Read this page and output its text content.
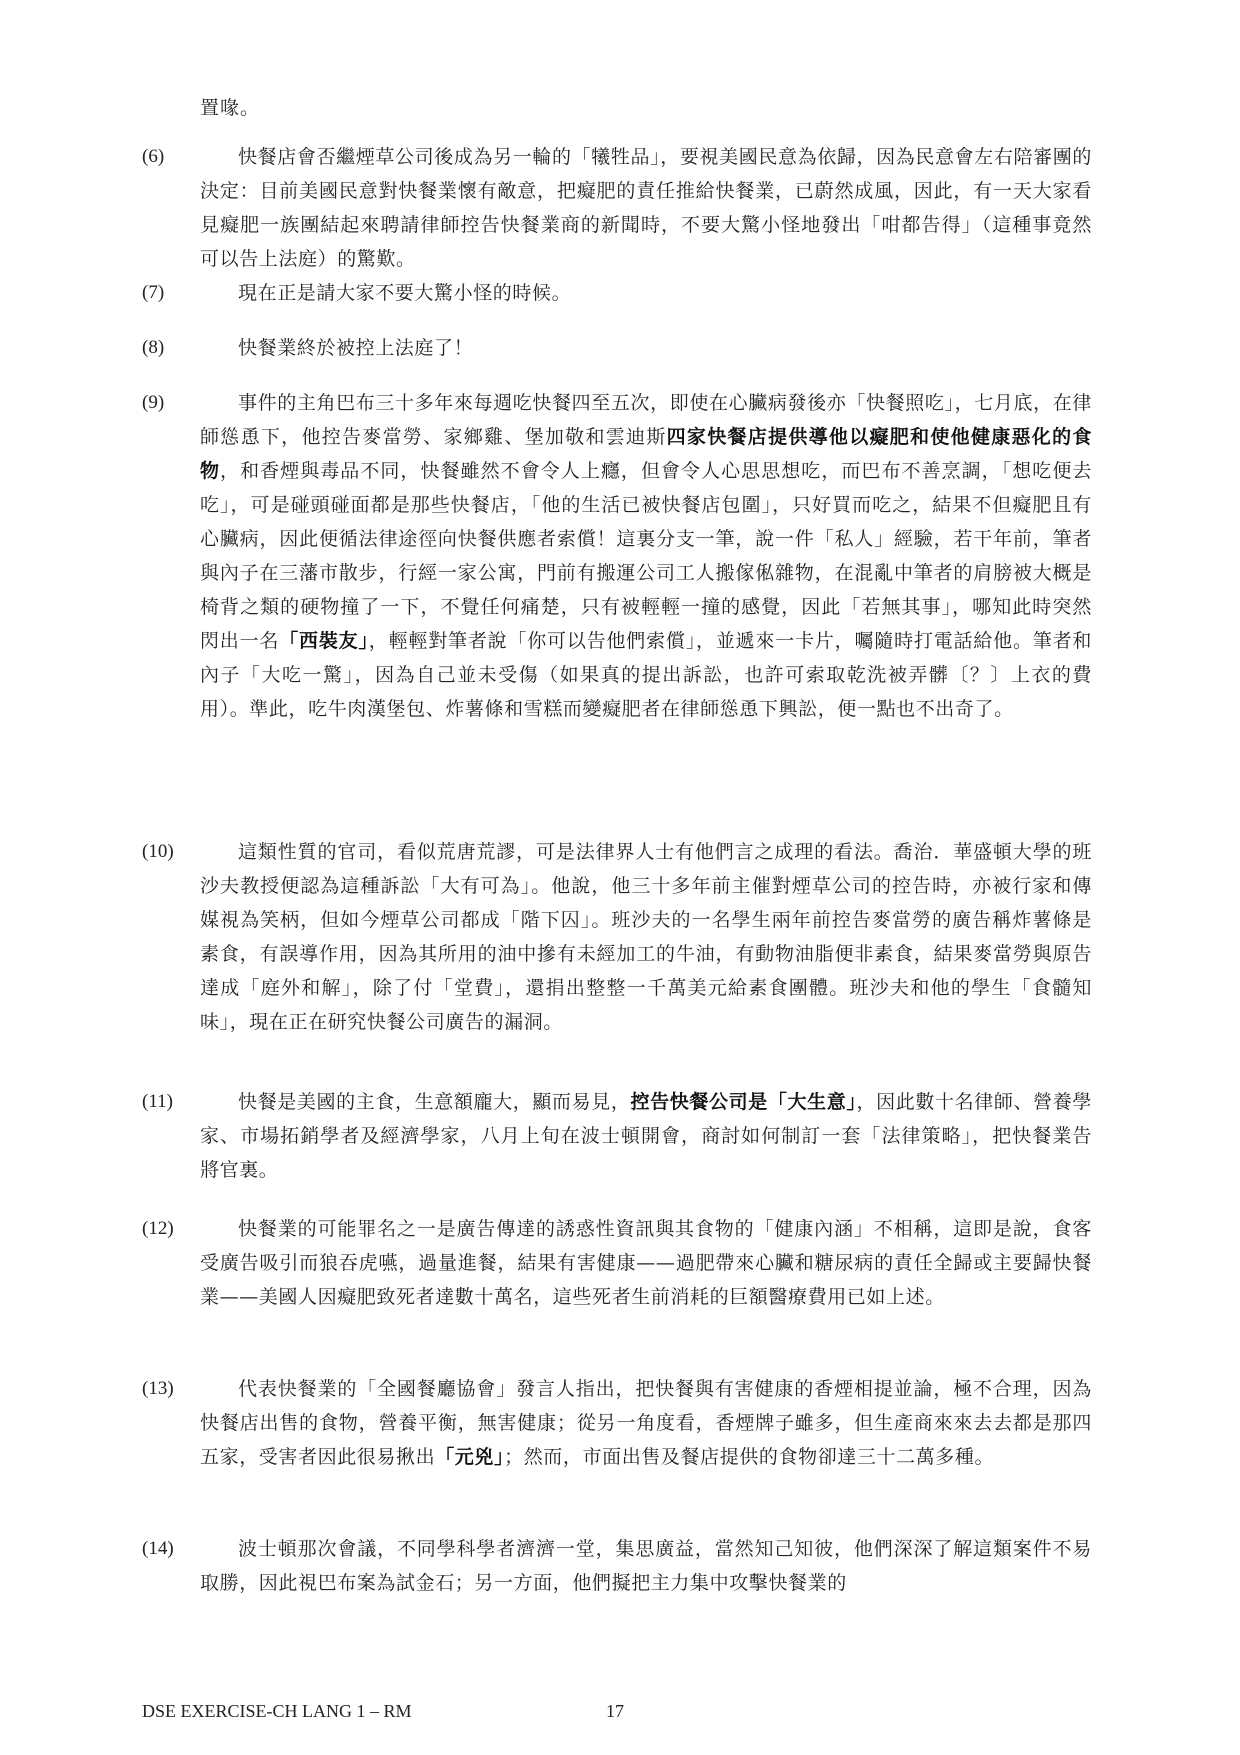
置喙。
(6)	快餐店會否繼煙草公司後成為另一輪的「犧牲品」，要視美國民意為依歸，因為民意會左右陪審團的決定：目前美國民意對快餐業懷有敵意，把癡肥的責任推給快餐業，已蔚然成風，因此，有一天大家看見癡肥一族團結起來聘請律師控告快餐業商的新聞時，不要大驚小怪地發出「咁都告得」（這種事竟然可以告上法庭）的驚歎。
(7)	現在正是請大家不要大驚小怪的時候。
(8)	快餐業終於被控上法庭了！
(9)	事件的主角巴布三十多年來每週吃快餐四至五次，即使在心臟病發後亦「快餐照吃」，七月底，在律師慫恿下，他控告麥當勞、家鄉雞、堡加敬和雲迪斯四家快餐店提供導他以癡肥和使他健康惡化的食物，和香煙與毒品不同，快餐雖然不會令人上癮，但會令人心思思想吃，而巴布不善烹調，「想吃便去吃」，可是碰頭碰面都是那些快餐店，「他的生活已被快餐店包圍」，只好買而吃之，結果不但癡肥且有心臟病，因此便循法律途徑向快餐供應者索償！這裏分支一筆，說一件「私人」經驗，若干年前，筆者與內子在三藩市散步，行經一家公寓，門前有搬運公司工人搬傢俬雜物，在混亂中筆者的肩膀被大概是椅背之類的硬物撞了一下，不覺任何痛楚，只有被輕輕一撞的感覺，因此「若無其事」，哪知此時突然閃出一名「西裝友」，輕輕對筆者說「你可以告他們索償」，並遞來一卡片，囑隨時打電話給他。筆者和內子「大吃一驚」，因為自己並未受傷（如果真的提出訴訟，也許可索取乾洗被弄髒〔？〕上衣的費用）。準此，吃牛肉漢堡包、炸薯條和雪糕而變癡肥者在律師慫恿下興訟，便一點也不出奇了。
(10)	這類性質的官司，看似荒唐荒謬，可是法律界人士有他們言之成理的看法。喬治．華盛頓大學的班沙夫教授便認為這種訴訟「大有可為」。他說，他三十多年前主催對煙草公司的控告時，亦被行家和傳媒視為笑柄，但如今煙草公司都成「階下囚」。班沙夫的一名學生兩年前控告麥當勞的廣告稱炸薯條是素食，有誤導作用，因為其所用的油中摻有未經加工的牛油，有動物油脂便非素食，結果麥當勞與原告達成「庭外和解」，除了付「堂費」，還捐出整整一千萬美元給素食團體。班沙夫和他的學生「食髓知味」，現在正在研究快餐公司廣告的漏洞。
(11)	快餐是美國的主食，生意額龐大，顯而易見，控告快餐公司是「大生意」，因此數十名律師、營養學家、市場拓銷學者及經濟學家，八月上旬在波士頓開會，商討如何制訂一套「法律策略」，把快餐業告將官裏。
(12)	快餐業的可能罪名之一是廣告傳達的誘惑性資訊與其食物的「健康內涵」不相稱，這即是說，食客受廣告吸引而狼吞虎嚥，過量進餐，結果有害健康——過肥帶來心臟和糖尿病的責任全歸或主要歸快餐業——美國人因癡肥致死者達數十萬名，這些死者生前消耗的巨額醫療費用已如上述。
(13)	代表快餐業的「全國餐廳協會」發言人指出，把快餐與有害健康的香煙相提並論，極不合理，因為快餐店出售的食物，營養平衡，無害健康；從另一角度看，香煙牌子雖多，但生產商來來去去都是那四五家，受害者因此很易揪出「元兇」；然而，市面出售及餐店提供的食物卻達三十二萬多種。
(14)	波士頓那次會議，不同學科學者濟濟一堂，集思廣益，當然知己知彼，他們深深了解這類案件不易取勝，因此視巴布案為試金石；另一方面，他們擬把主力集中攻擊快餐業的
DSE EXERCISE-CH LANG 1 – RM	17
